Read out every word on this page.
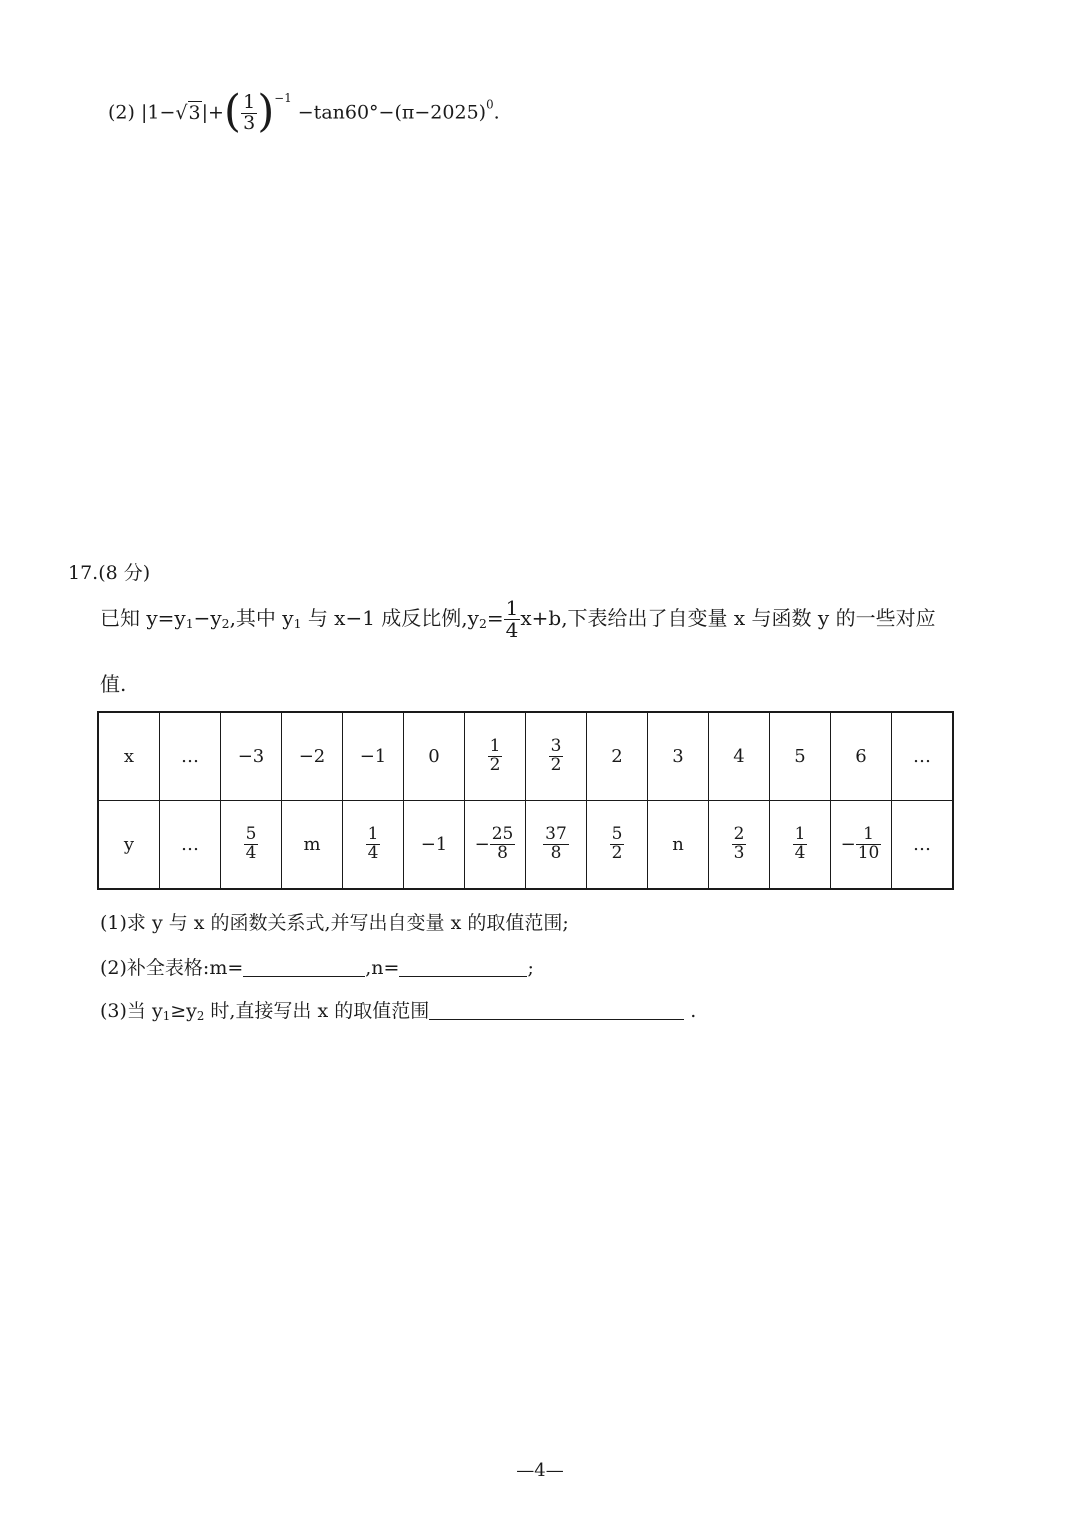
(2) $|1-√3|+( \frac{1}{3} )^{-1} -\tan 60^\circ-(\pi-2025)^0$.
17.(8 分)
已知 $y=y_1-y_2$,其中 $y_1$ 与 x−1 成反比例$,y_2= \frac{1}{4} x+b$,下表给出了自变量 x 与函数 y 的一些对应
值.
x	…	−3	−2	−1	0	$\frac{1}{2}$	$\frac{3}{2}$	2	3	4	5	6	…
y	…	$\frac{5}{4}$	m	$\frac{1}{4}$	−1	− $\frac{25}{8}$	$\frac{37}{8}$	$\frac{5}{2}$	n	$\frac{2}{3}$	$\frac{1}{4}$	− $\frac{1}{10}$	…
(1)求 y 与 x 的函数关系式,并写出自变量 x 的取值范围;
(2)补全表格:m=	,n=	;
(3)当 $y_1\ge y_2$ 时,直接写出 x 的取值范围	.
—4—
